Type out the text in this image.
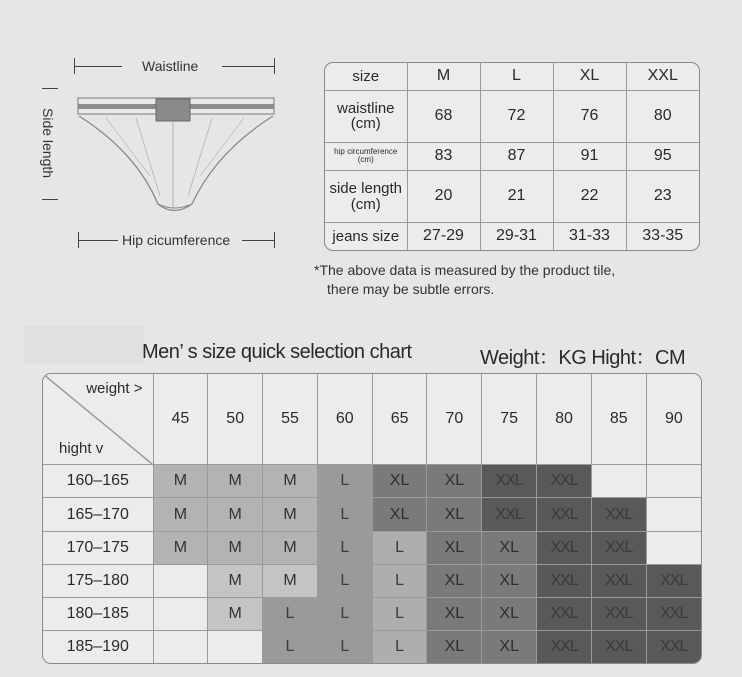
Waistline
Side length
Hip cicumference
size	M	L	XL	XXL
waistline
(cm)	68	72	76	80
hip circumference
(cm)	83	87	91	95
side length
(cm)	20	21	22	23
jeans size	27-29	29-31	31-33	33-35
*The above data is measured by the product tile,
there may be subtle errors.
Men’ s size quick selection chart	Weight：KG Hight：CM
weight >
hight v	45	50	55	60	65	70	75	80	85	90
160–165	M	M	M	L	XL	XL	XXL	XXL		
165–170	M	M	M	L	XL	XL	XXL	XXL	XXL	
170–175	M	M	M	L	L	XL	XL	XXL	XXL	
175–180		M	M	L	L	XL	XL	XXL	XXL	XXL
180–185		M	L	L	L	XL	XL	XXL	XXL	XXL
185–190			L	L	L	XL	XL	XXL	XXL	XXL
